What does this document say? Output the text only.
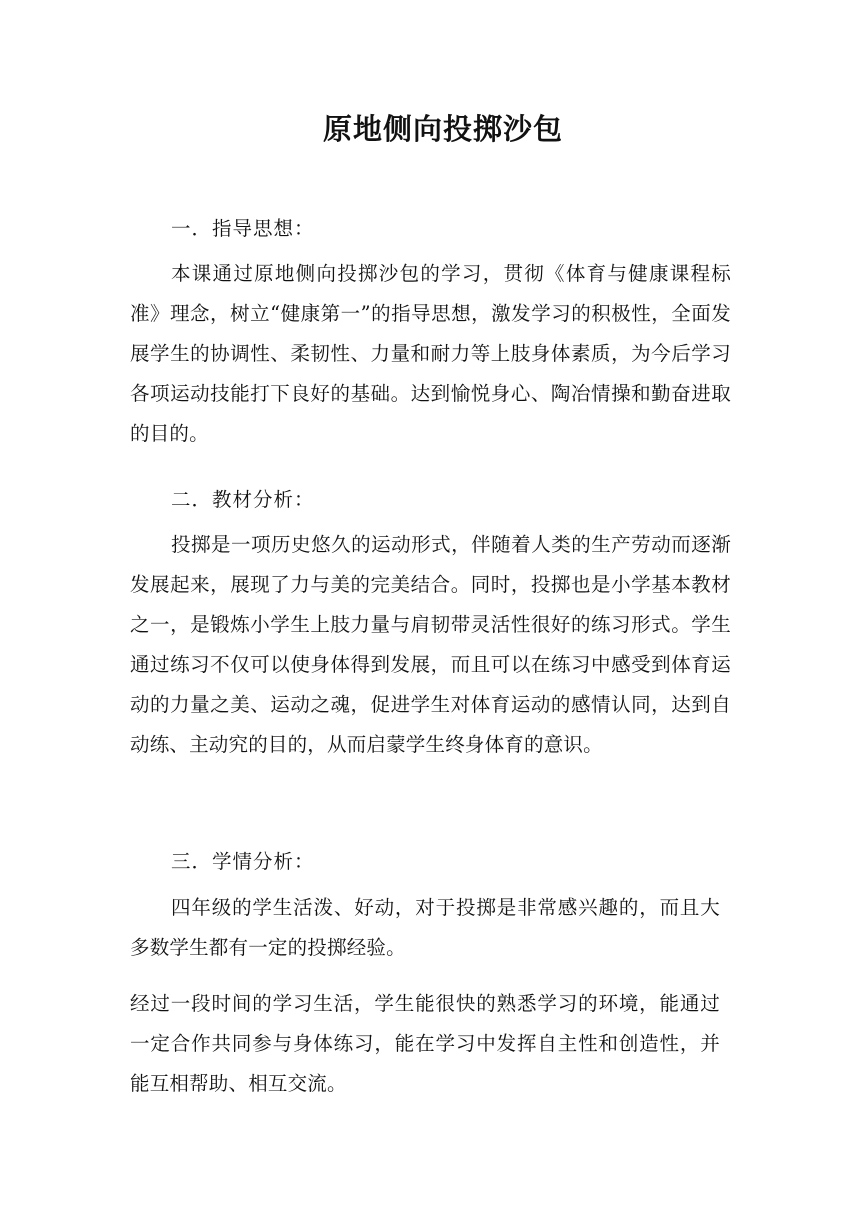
原地侧向投掷沙包
一．指导思想：
本课通过原地侧向投掷沙包的学习，贯彻《体育与健康课程标准》理念，树立“健康第一”的指导思想，激发学习的积极性，全面发展学生的协调性、柔韧性、力量和耐力等上肢身体素质，为今后学习各项运动技能打下良好的基础。达到愉悦身心、陶冶情操和勤奋进取的目的。
二．教材分析：
投掷是一项历史悠久的运动形式，伴随着人类的生产劳动而逐渐发展起来，展现了力与美的完美结合。同时，投掷也是小学基本教材之一，是锻炼小学生上肢力量与肩韧带灵活性很好的练习形式。学生通过练习不仅可以使身体得到发展，而且可以在练习中感受到体育运动的力量之美、运动之魂，促进学生对体育运动的感情认同，达到自动练、主动究的目的，从而启蒙学生终身体育的意识。
三．学情分析：
四年级的学生活泼、好动，对于投掷是非常感兴趣的，而且大多数学生都有一定的投掷经验。
经过一段时间的学习生活，学生能很快的熟悉学习的环境，能通过一定合作共同参与身体练习，能在学习中发挥自主性和创造性，并能互相帮助、相互交流。
